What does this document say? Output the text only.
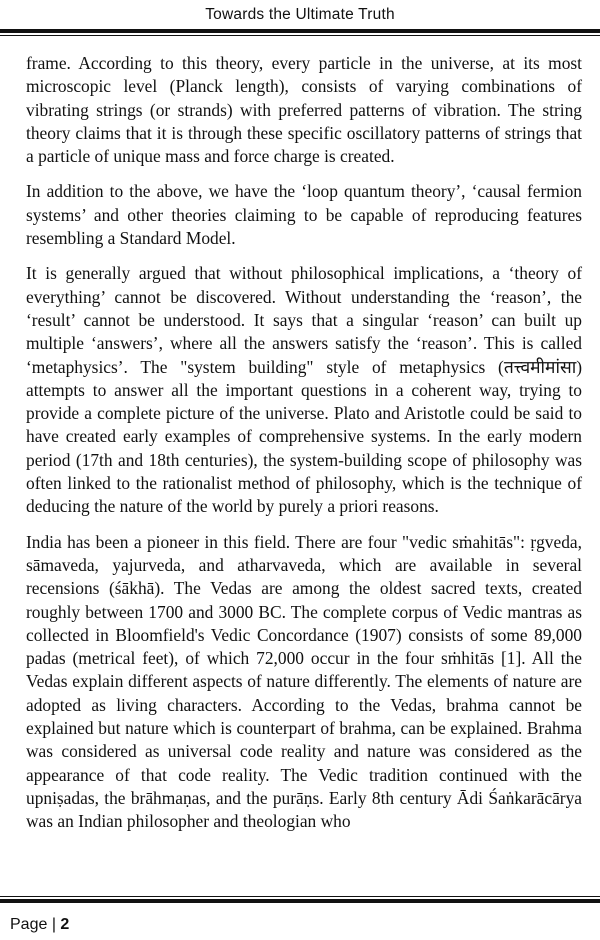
Towards the Ultimate Truth

frame. According to this theory, every particle in the universe, at its most microscopic level (Planck length), consists of varying combinations of vibrating strings (or strands) with preferred patterns of vibration. The string theory claims that it is through these specific oscillatory patterns of strings that a particle of unique mass and force charge is created.

In addition to the above, we have the ‘loop quantum theory’, ‘causal fermion systems’ and other theories claiming to be capable of reproducing features resembling a Standard Model.

It is generally argued that without philosophical implications, a ‘theory of everything’ cannot be discovered. Without understanding the ‘reason’, the ‘result’ cannot be understood. It says that a singular ‘reason’ can built up multiple ‘answers’, where all the answers satisfy the ‘reason’. This is called ‘metaphysics’. The "system building" style of metaphysics (तत्त्वमीमांसा) attempts to answer all the important questions in a coherent way, trying to provide a complete picture of the universe. Plato and Aristotle could be said to have created early examples of comprehensive systems. In the early modern period (17th and 18th centuries), the system-building scope of philosophy was often linked to the rationalist method of philosophy, which is the technique of deducing the nature of the world by purely a priori reasons.

India has been a pioneer in this field. There are four "vedic sṁahitās": ṛgveda, sāmaveda, yajurveda, and atharvaveda, which are available in several recensions (śākhā). The Vedas are among the oldest sacred texts, created roughly between 1700 and 3000 BC. The complete corpus of Vedic mantras as collected in Bloomfield's Vedic Concordance (1907) consists of some 89,000 padas (metrical feet), of which 72,000 occur in the four sṁhitās [1]. All the Vedas explain different aspects of nature differently. The elements of nature are adopted as living characters. According to the Vedas, brahma cannot be explained but nature which is counterpart of brahma, can be explained. Brahma was considered as universal code reality and nature was considered as the appearance of that code reality. The Vedic tradition continued with the upniṣadas, the brāhmaṇas, and the purāṇs. Early 8th century Ādi Śaṅkarācārya was an Indian philosopher and theologian who

Page | 2
